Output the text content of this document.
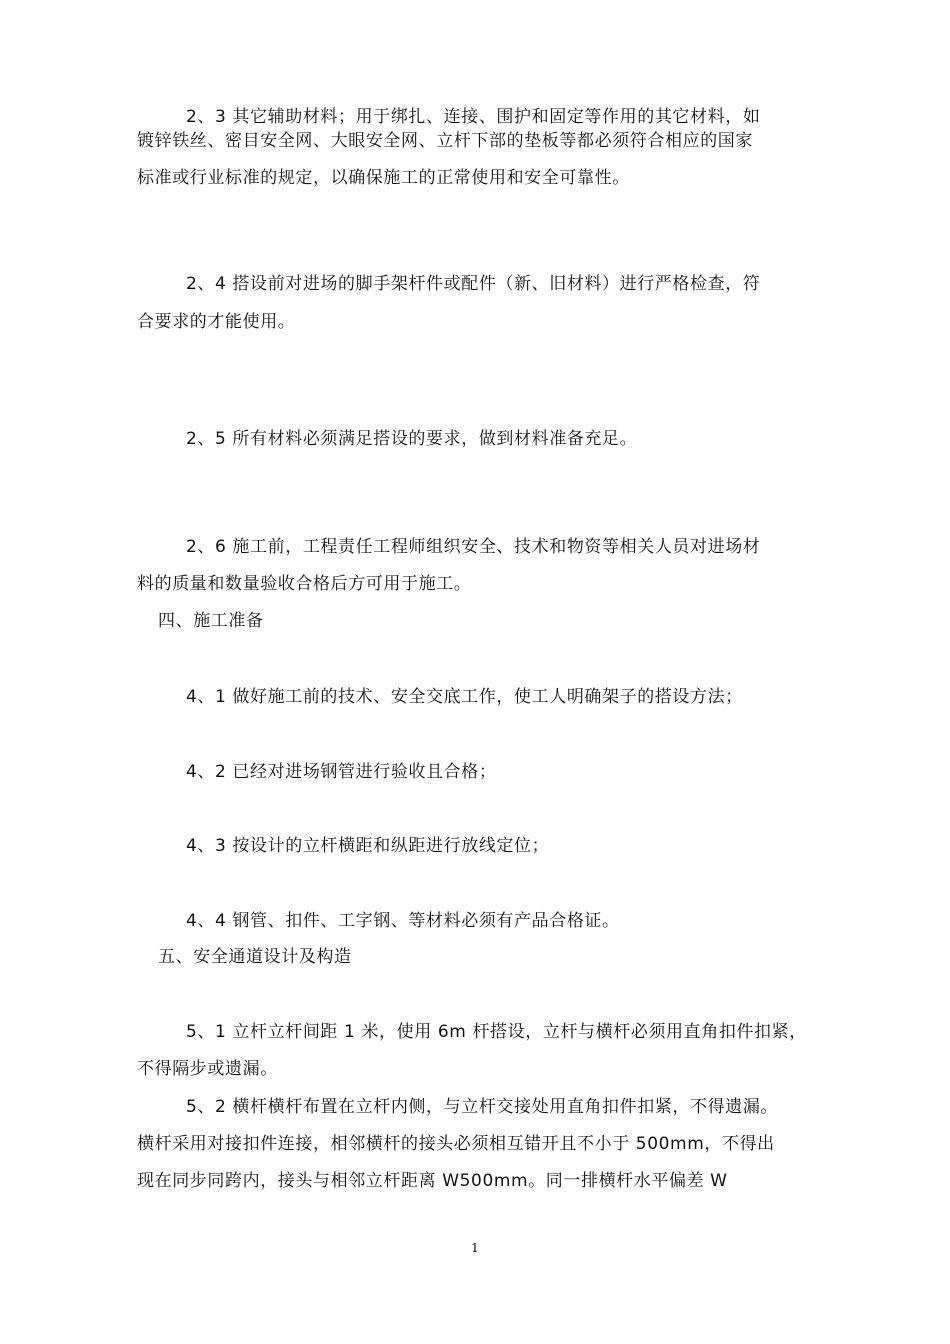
2、3 其它辅助材料；用于绑扎、连接、围护和固定等作用的其它材料，如
镀锌铁丝、密目安全网、大眼安全网、立杆下部的垫板等都必须符合相应的国家
标准或行业标准的规定，以确保施工的正常使用和安全可靠性。
2、4 搭设前对进场的脚手架杆件或配件（新、旧材料）进行严格检查，符
合要求的才能使用。
2、5 所有材料必须满足搭设的要求，做到材料准备充足。
2、6 施工前，工程责任工程师组织安全、技术和物资等相关人员对进场材
料的质量和数量验收合格后方可用于施工。
四、施工准备
4、1 做好施工前的技术、安全交底工作，使工人明确架子的搭设方法；
4、2 已经对进场钢管进行验收且合格；
4、3 按设计的立杆横距和纵距进行放线定位；
4、4 钢管、扣件、工字钢、等材料必须有产品合格证。
五、安全通道设计及构造
5、1 立杆立杆间距 1 米，使用 6m 杆搭设，立杆与横杆必须用直角扣件扣紧，
不得隔步或遗漏。
5、2 横杆横杆布置在立杆内侧，与立杆交接处用直角扣件扣紧，不得遗漏。
横杆采用对接扣件连接，相邻横杆的接头必须相互错开且不小于 500mm，不得出
现在同步同跨内，接头与相邻立杆距离 W500mm。同一排横杆水平偏差 W
1
